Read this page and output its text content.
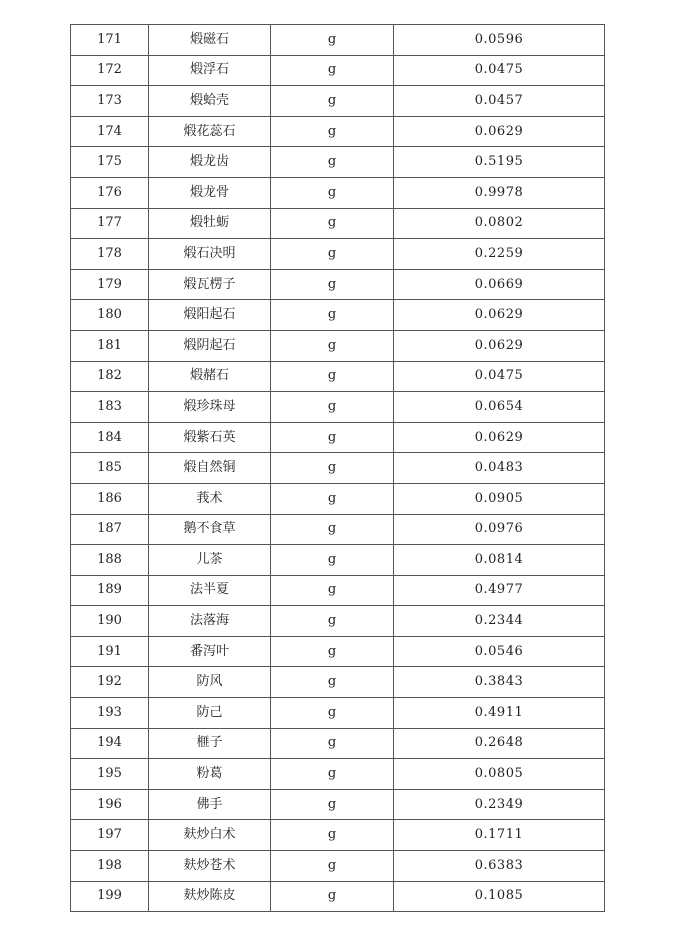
171	煅磁石	g	0.0596
172	煅浮石	g	0.0475
173	煅蛤壳	g	0.0457
174	煅花蕊石	g	0.0629
175	煅龙齿	g	0.5195
176	煅龙骨	g	0.9978
177	煅牡蛎	g	0.0802
178	煅石决明	g	0.2259
179	煅瓦楞子	g	0.0669
180	煅阳起石	g	0.0629
181	煅阴起石	g	0.0629
182	煅赭石	g	0.0475
183	煅珍珠母	g	0.0654
184	煅紫石英	g	0.0629
185	煅自然铜	g	0.0483
186	莪术	g	0.0905
187	鹅不食草	g	0.0976
188	儿茶	g	0.0814
189	法半夏	g	0.4977
190	法落海	g	0.2344
191	番泻叶	g	0.0546
192	防风	g	0.3843
193	防己	g	0.4911
194	榧子	g	0.2648
195	粉葛	g	0.0805
196	佛手	g	0.2349
197	麸炒白术	g	0.1711
198	麸炒苍术	g	0.6383
199	麸炒陈皮	g	0.1085
